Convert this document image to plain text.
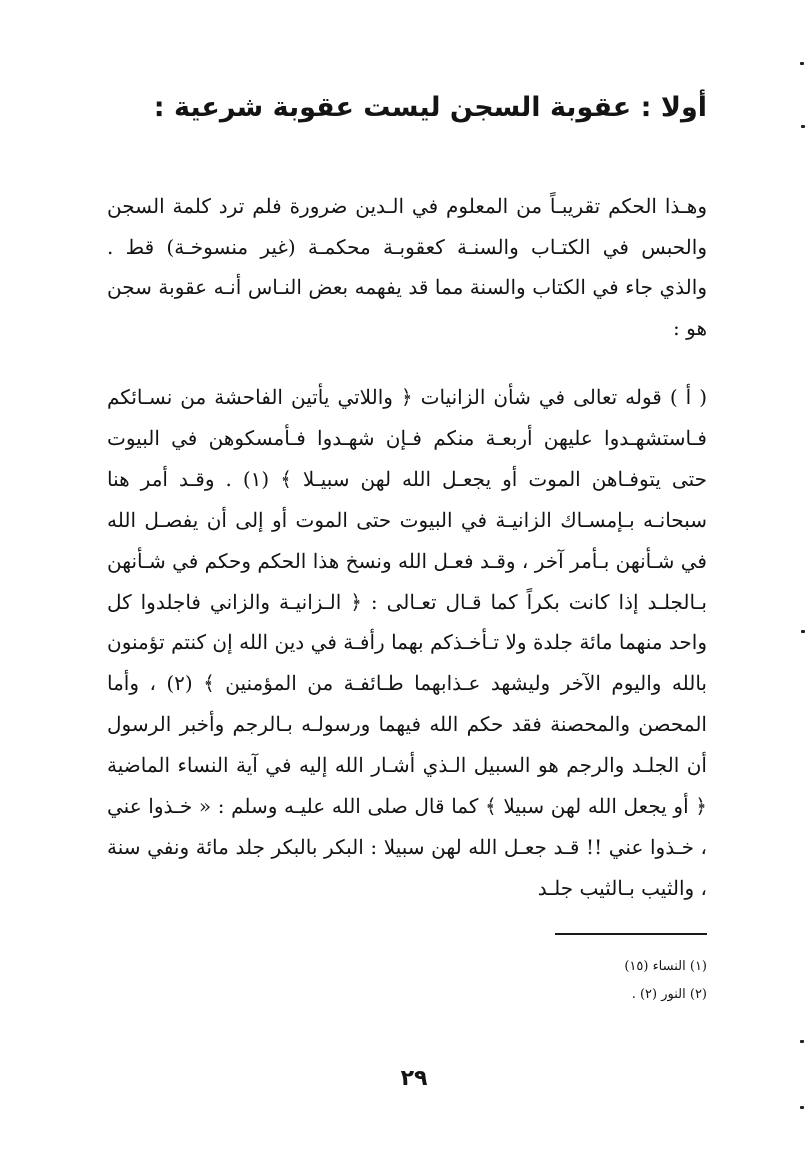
أولا : عقوبة السجن ليست عقوبة شرعية :

وهـذا الحكم تقريبـاً من المعلوم في الـدين ضرورة فلم ترد كلمة السجن والحبس في الكتـاب والسنـة كعقوبـة محكمـة (غير منسوخـة) قط . والذي جاء في الكتاب والسنة مما قد يفهمه بعض النـاس أنـه عقوبة سجن هو :

( أ ) قوله تعالى في شأن الزانيات ﴿ واللاتي يأتين الفاحشة من نسـائكم فـاستشهـدوا عليهن أربعـة منكم فـإن شهـدوا فـأمسكوهن في البيوت حتى يتوفـاهن الموت أو يجعـل الله لهن سبيـلا ﴾ (١) . وقـد أمر هنا سبحانـه بـإمسـاك الزانيـة في البيوت حتى الموت أو إلى أن يفصـل الله في شـأنهن بـأمر آخر ، وقـد فعـل الله ونسخ هذا الحكم وحكم في شـأنهن بـالجلـد إذا كانت بكراً كما قـال تعـالى : ﴿ الـزانيـة والزاني فاجلدوا كل واحد منهما مائة جلدة ولا تـأخـذكم بهما رأفـة في دين الله إن كنتم تؤمنون بالله واليوم الآخر وليشهد عـذابهما طـائفـة من المؤمنين ﴾ (٢) ، وأما المحصن والمحصنة فقد حكم الله فيهما ورسولـه بـالرجم وأخبر الرسول أن الجلـد والرجم هو السبيل الـذي أشـار الله إليه في آية النساء الماضية ﴿ أو يجعل الله لهن سبيلا ﴾ كما قال صلى الله عليـه وسلم : « خـذوا عني ، خـذوا عني !! قـد جعـل الله لهن سبيلا : البكر بالبكر جلد مائة ونفي سنة ، والثيب بـالثيب جلـد

(١) النساء (١٥)
(٢) النور (٢) .
٢٩
